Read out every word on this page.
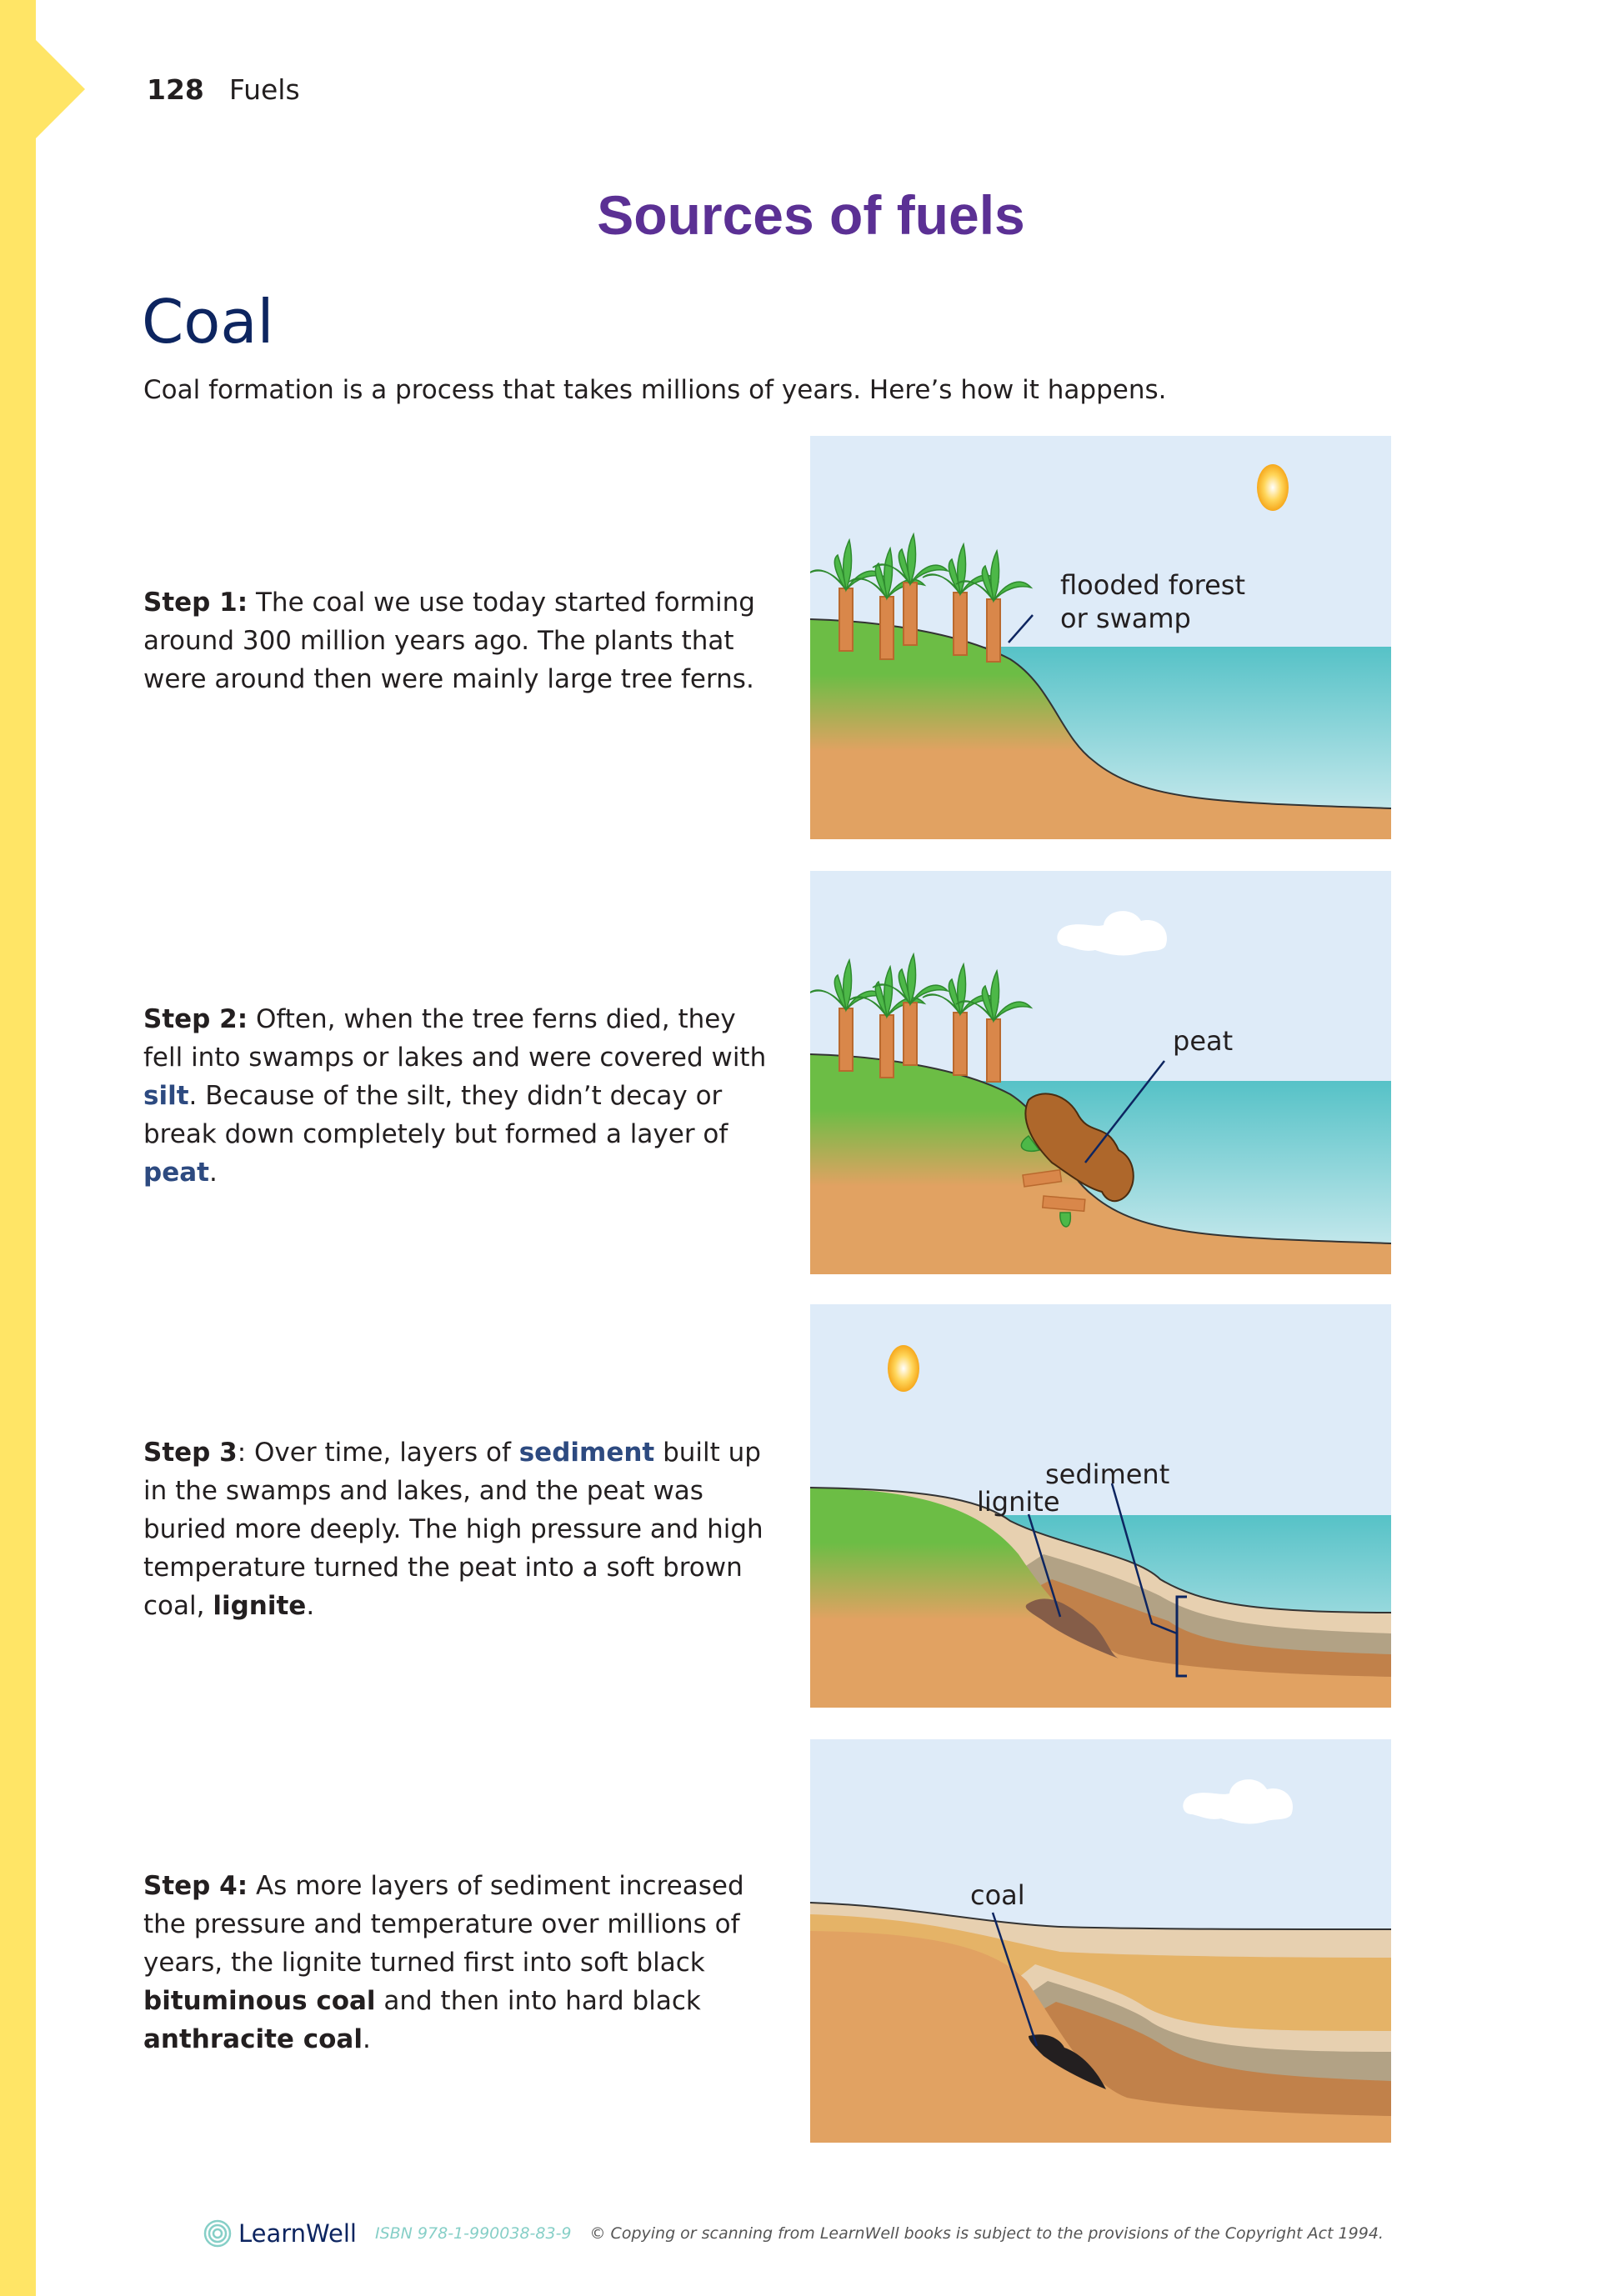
128 Fuels
Sources of fuels
Coal
Coal formation is a process that takes millions of years. Here’s how it happens.
Step 1: The coal we use today started forming around 300 million years ago. The plants that were around then were mainly large tree ferns.
Step 2: Often, when the tree ferns died, they fell into swamps or lakes and were covered with silt. Because of the silt, they didn’t decay or break down completely but formed a layer of peat.
Step 3: Over time, layers of sediment built up in the swamps and lakes, and the peat was buried more deeply. The high pressure and high temperature turned the peat into a soft brown coal, lignite.
Step 4: As more layers of sediment increased the pressure and temperature over millions of years, the lignite turned first into soft black bituminous coal and then into hard black anthracite coal.
flooded forest
or swamp
peat
lignite
sediment
coal
LearnWell ISBN 978-1-990038-83-9 © Copying or scanning from LearnWell books is subject to the provisions of the Copyright Act 1994.
